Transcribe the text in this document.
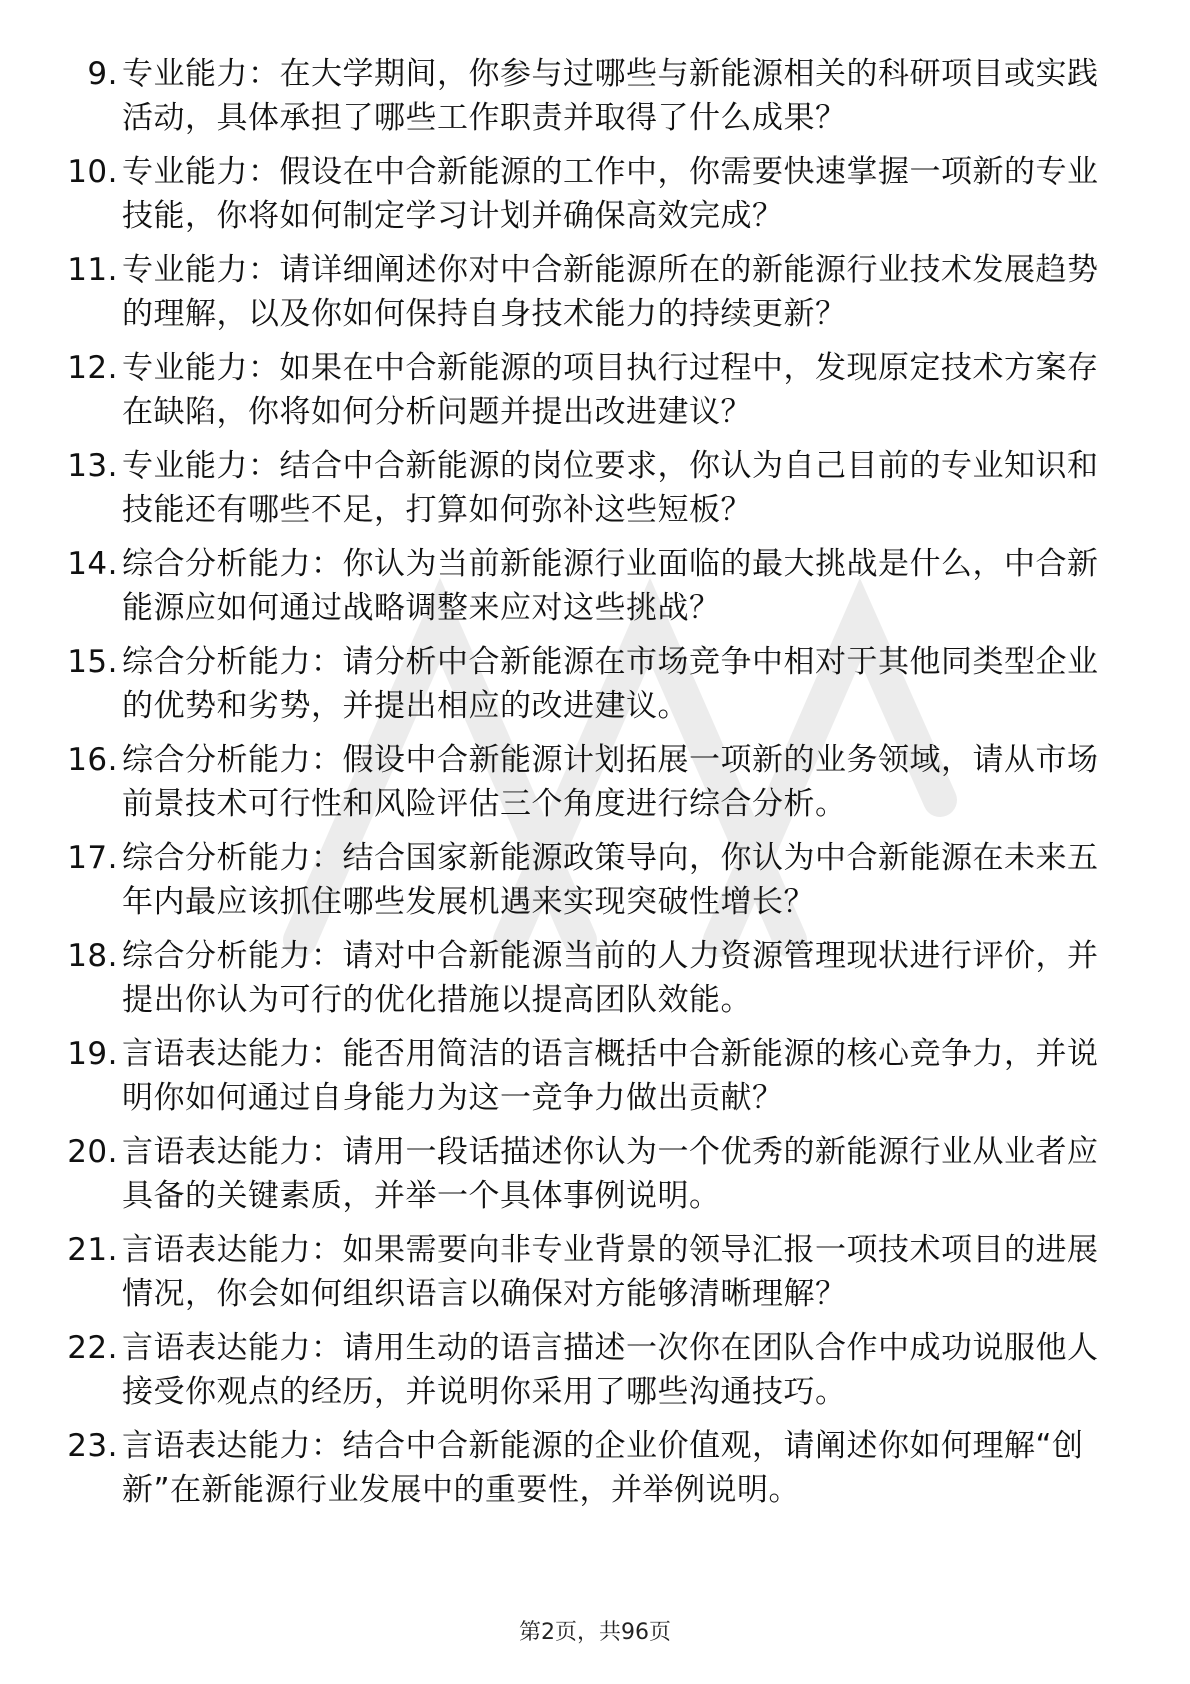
9. 专业能力：在大学期间，你参与过哪些与新能源相关的科研项目或实践活动，具体承担了哪些工作职责并取得了什么成果？
10. 专业能力：假设在中合新能源的工作中，你需要快速掌握一项新的专业技能，你将如何制定学习计划并确保高效完成？
11. 专业能力：请详细阐述你对中合新能源所在的新能源行业技术发展趋势的理解，以及你如何保持自身技术能力的持续更新？
12. 专业能力：如果在中合新能源的项目执行过程中，发现原定技术方案存在缺陷，你将如何分析问题并提出改进建议？
13. 专业能力：结合中合新能源的岗位要求，你认为自己目前的专业知识和技能还有哪些不足，打算如何弥补这些短板？
14. 综合分析能力：你认为当前新能源行业面临的最大挑战是什么，中合新能源应如何通过战略调整来应对这些挑战？
15. 综合分析能力：请分析中合新能源在市场竞争中相对于其他同类型企业的优势和劣势，并提出相应的改进建议。
16. 综合分析能力：假设中合新能源计划拓展一项新的业务领域，请从市场前景技术可行性和风险评估三个角度进行综合分析。
17. 综合分析能力：结合国家新能源政策导向，你认为中合新能源在未来五年内最应该抓住哪些发展机遇来实现突破性增长？
18. 综合分析能力：请对中合新能源当前的人力资源管理现状进行评价，并提出你认为可行的优化措施以提高团队效能。
19. 言语表达能力：能否用简洁的语言概括中合新能源的核心竞争力，并说明你如何通过自身能力为这一竞争力做出贡献？
20. 言语表达能力：请用一段话描述你认为一个优秀的新能源行业从业者应具备的关键素质，并举一个具体事例说明。
21. 言语表达能力：如果需要向非专业背景的领导汇报一项技术项目的进展情况，你会如何组织语言以确保对方能够清晰理解？
22. 言语表达能力：请用生动的语言描述一次你在团队合作中成功说服他人接受你观点的经历，并说明你采用了哪些沟通技巧。
23. 言语表达能力：结合中合新能源的企业价值观，请阐述你如何理解“创新”在新能源行业发展中的重要性，并举例说明。
第2页，共96页
